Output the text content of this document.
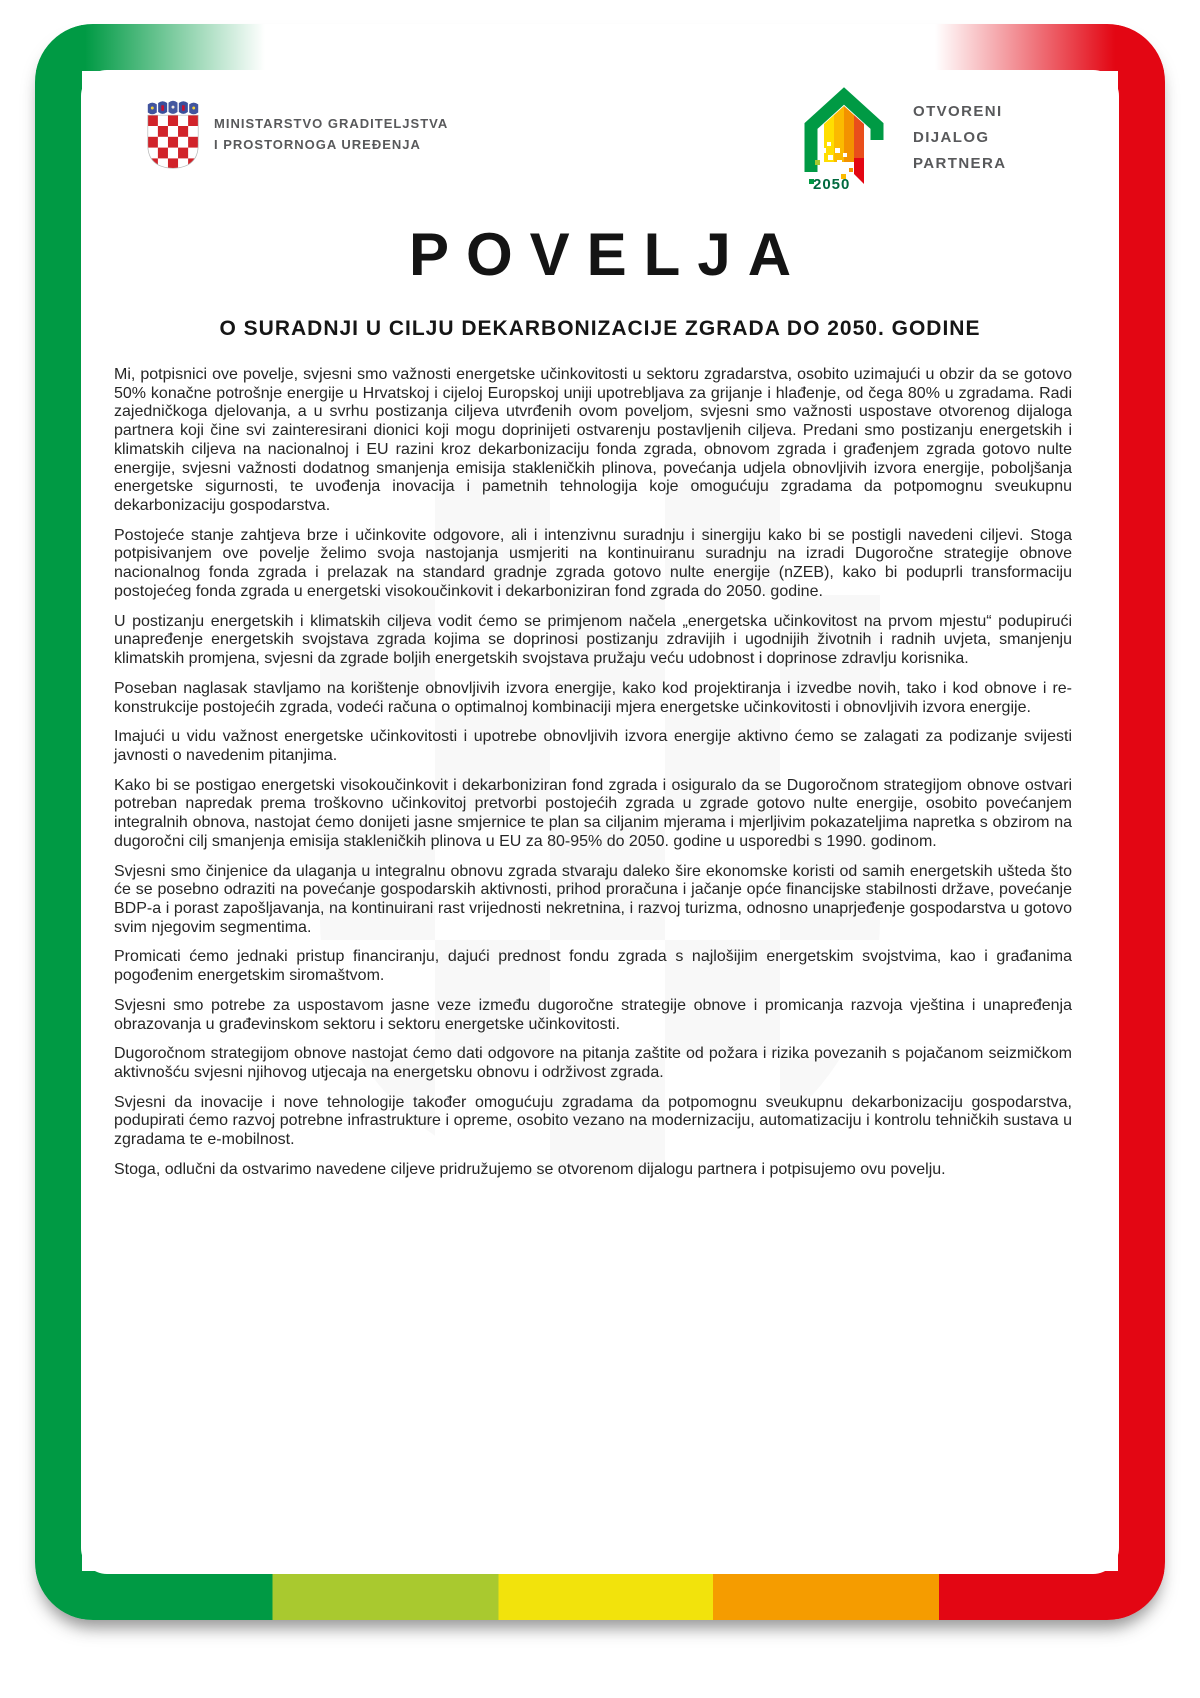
MINISTARSTVO GRADITELJSTVA
I PROSTORNOGA UREĐENJA
2050
OTVORENI
DIJALOG
PARTNERA
POVELJA
O SURADNJI U CILJU DEKARBONIZACIJE ZGRADA DO 2050. GODINE

Mi, potpisnici ove povelje, svjesni smo važnosti energetske učinkovitosti u sektoru zgradarstva, osobito uzimajući u obzir da se gotovo 50% konačne potrošnje energije u Hrvatskoj i cijeloj Europskoj uniji upotrebljava za grijanje i hlađenje, od čega 80% u zgradama. Radi zajedničkoga djelovanja, a u svrhu postizanja ciljeva utvrđenih ovom poveljom, svjesni smo važnosti uspostave otvorenog dijaloga partnera koji čine svi zainteresirani dionici koji mogu doprinijeti ostvarenju postavljenih ciljeva. Predani smo postizanju energetskih i klimatskih ciljeva na nacionalnoj i EU razini kroz dekarbonizaciju fonda zgrada, obnovom zgrada i građenjem zgrada gotovo nulte energije, svjesni važnosti dodatnog smanjenja emisija stakleničkih plinova, povećanja udjela obnovljivih izvora energije, poboljšanja energetske sigurnosti, te uvođenja inovacija i pametnih tehnologija koje omogućuju zgradama da potpomognu sveukupnu dekarbonizaciju gospodarstva.

Postojeće stanje zahtjeva brze i učinkovite odgovore, ali i intenzivnu suradnju i sinergiju kako bi se postigli navedeni ciljevi. Stoga potpisivanjem ove povelje želimo svoja nastojanja usmjeriti na kontinuiranu suradnju na izradi Dugoročne strategije obnove nacionalnog fonda zgrada i prelazak na standard gradnje zgrada gotovo nulte energije (nZEB), kako bi poduprli transformaciju postojećeg fonda zgrada u energetski visokoučinkovit i dekarboniziran fond zgrada do 2050. godine.

U postizanju energetskih i klimatskih ciljeva vodit ćemo se primjenom načela „energetska učinkovitost na prvom mjestu“ podupirući unapređenje energetskih svojstava zgrada kojima se doprinosi postizanju zdravijih i ugodnijih životnih i radnih uvjeta, smanjenju klimatskih promjena, svjesni da zgrade boljih energetskih svojstava pružaju veću udobnost i doprinose zdravlju korisnika.

Poseban naglasak stavljamo na korištenje obnovljivih izvora energije, kako kod projektiranja i izvedbe novih, tako i kod obnove i re-konstrukcije postojećih zgrada, vodeći računa o optimalnoj kombinaciji mjera energetske učinkovitosti i obnovljivih izvora energije.

Imajući u vidu važnost energetske učinkovitosti i upotrebe obnovljivih izvora energije aktivno ćemo se zalagati za podizanje svijesti javnosti o navedenim pitanjima.

Kako bi se postigao energetski visokoučinkovit i dekarboniziran fond zgrada i osiguralo da se Dugoročnom strategijom obnove ostvari potreban napredak prema troškovno učinkovitoj pretvorbi postojećih zgrada u zgrade gotovo nulte energije, osobito povećanjem integralnih obnova, nastojat ćemo donijeti jasne smjernice te plan sa ciljanim mjerama i mjerljivim pokazateljima napretka s obzirom na dugoročni cilj smanjenja emisija stakleničkih plinova u EU za 80-95% do 2050. godine u usporedbi s 1990. godinom.

Svjesni smo činjenice da ulaganja u integralnu obnovu zgrada stvaraju daleko šire ekonomske koristi od samih energetskih ušteda što će se posebno odraziti na povećanje gospodarskih aktivnosti, prihod proračuna i jačanje opće financijske stabilnosti države, povećanje BDP-a i porast zapošljavanja, na kontinuirani rast vrijednosti nekretnina, i razvoj turizma, odnosno unaprjeđenje gospodarstva u gotovo svim njegovim segmentima.

Promicati ćemo jednaki pristup financiranju, dajući prednost fondu zgrada s najlošijim energetskim svojstvima, kao i građanima pogođenim energetskim siromaštvom.

Svjesni smo potrebe za uspostavom jasne veze između dugoročne strategije obnove i promicanja razvoja vještina i unapređenja obrazovanja u građevinskom sektoru i sektoru energetske učinkovitosti.

Dugoročnom strategijom obnove nastojat ćemo dati odgovore na pitanja zaštite od požara i rizika povezanih s pojačanom seizmičkom aktivnošću svjesni njihovog utjecaja na energetsku obnovu i održivost zgrada.

Svjesni da inovacije i nove tehnologije također omogućuju zgradama da potpomognu sveukupnu dekarbonizaciju gospodarstva, podupirati ćemo razvoj potrebne infrastrukture i opreme, osobito vezano na modernizaciju, automatizaciju i kontrolu tehničkih sustava u zgradama te e-mobilnost.

Stoga, odlučni da ostvarimo navedene ciljeve pridružujemo se otvorenom dijalogu partnera i potpisujemo ovu povelju.
